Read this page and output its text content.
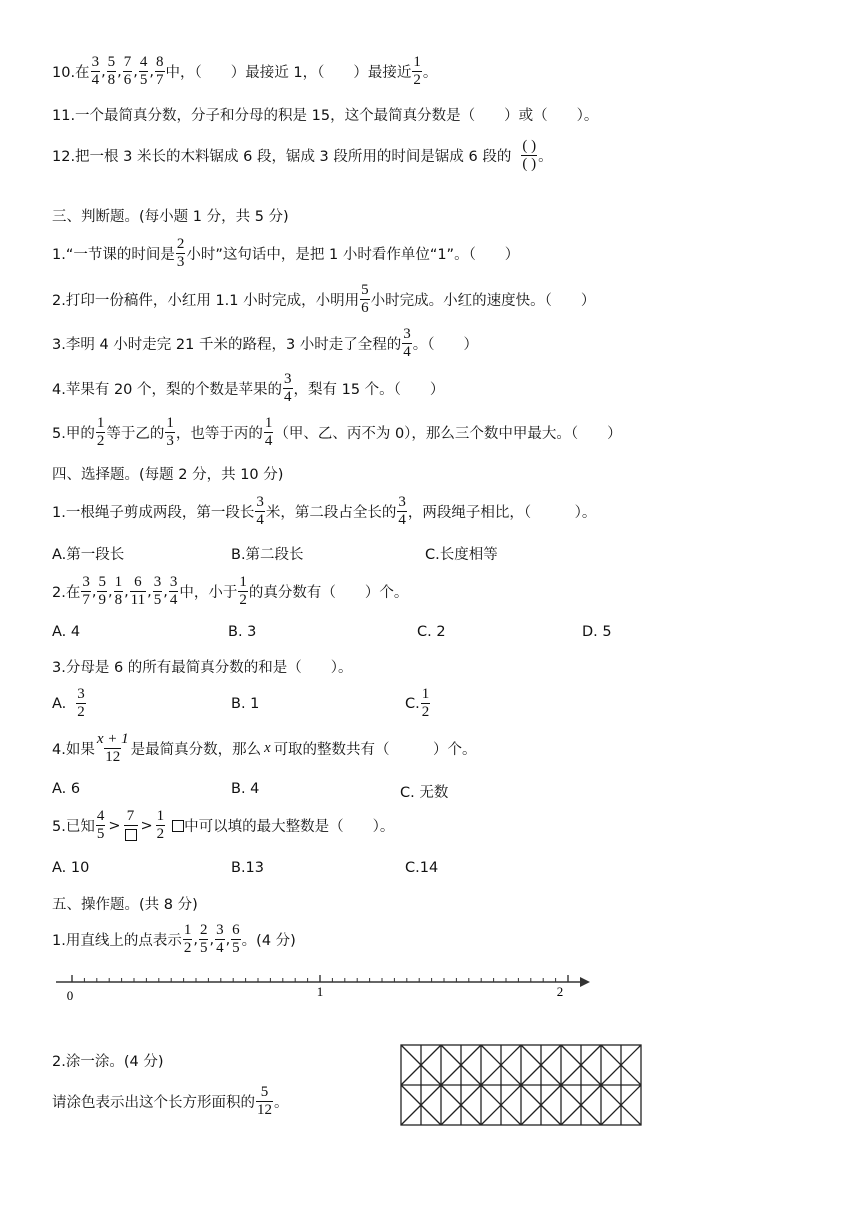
10.在 $\frac{3}{4}$ , $\frac{5}{8}$ , $\frac{7}{6}$ , $\frac{4}{5}$ , $\frac{8}{7}$ 中，（　　）最接近 1，（　　）最接近 $\frac{1}{2}$ 。
11.一个最简真分数，分子和分母的积是 15，这个最简真分数是（　　）或（　　）。
12.把一根 3 米长的木料锯成 6 段，锯成 3 段所用的时间是锯成 6 段的 $\frac{( )}{( )}$ 。
三、判断题。(每小题 1 分，共 5 分)
1.“一节课的时间是 $\frac{2}{3}$ 小时”这句话中，是把 1 小时看作单位“1”。（　　）
2.打印一份稿件，小红用 1.1 小时完成，小明用 $\frac{5}{6}$ 小时完成。小红的速度快。（　　）
3.李明 4 小时走完 21 千米的路程，3 小时走了全程的 $\frac{3}{4}$ 。（　　）
4.苹果有 20 个，梨的个数是苹果的 $\frac{3}{4}$ ，梨有 15 个。（　　）
5.甲的 $\frac{1}{2}$ 等于乙的 $\frac{1}{3}$ ，也等于丙的 $\frac{1}{4}$ （甲、乙、丙不为 0），那么三个数中甲最大。（　　）
四、选择题。(每题 2 分，共 10 分)
1.一根绳子剪成两段，第一段长 $\frac{3}{4}$ 米，第二段占全长的 $\frac{3}{4}$ ，两段绳子相比，（　　　）。
A.第一段长	B.第二段长	C.长度相等
2.在 $\frac{3}{7}$ , $\frac{5}{9}$ , $\frac{1}{8}$ , $\frac{6}{11}$ , $\frac{3}{5}$ , $\frac{3}{4}$ 中，小于 $\frac{1}{2}$ 的真分数有（　　）个。
A. 4	B. 3	C. 2	D. 5
3.分母是 6 的所有最简真分数的和是（　　）。
A. $\frac{3}{2}$	B. 1	C. $\frac{1}{2}$
4.如果 $\frac{x + 1}{12}$ 是最简真分数，那么 x 可取的整数共有（　　　）个。
A. 6	B. 4	C. 无数
5.已知 $\frac{4}{5}$ >
7
> $\frac{1}{2}$ 中可以填的最大整数是（　　）。
A. 10	B.13	C.14
五、操作题。(共 8 分)
1.用直线上的点表示 $\frac{1}{2}$ , $\frac{2}{5}$ , $\frac{3}{4}$ , $\frac{6}{5}$ 。(4 分)
0	1	2
2.涂一涂。(4 分)
请涂色表示出这个长方形面积的 $\frac{5}{12}$ 。
